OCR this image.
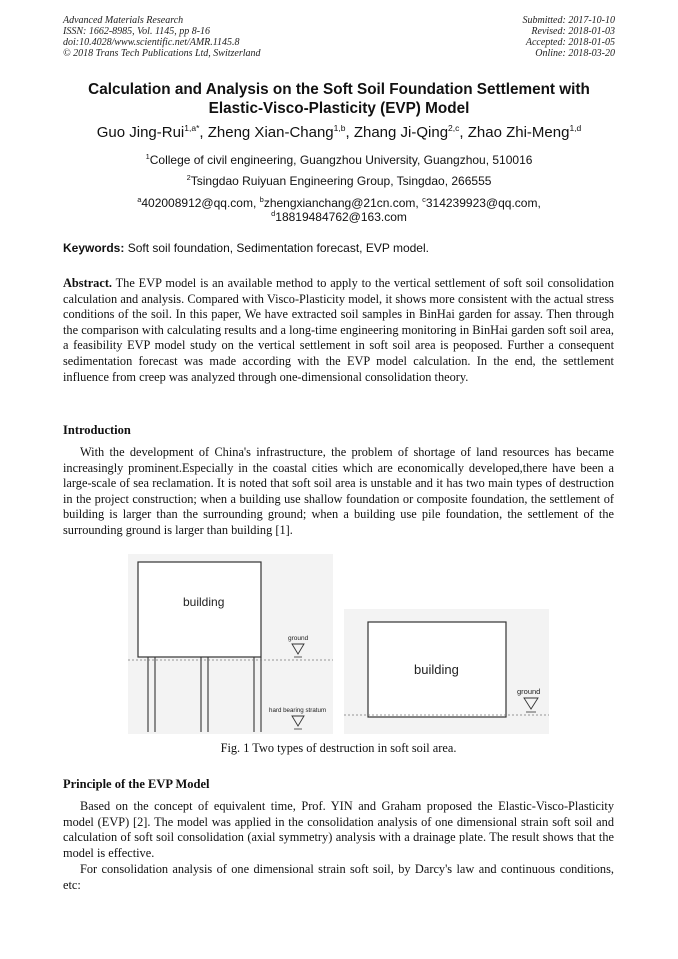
Advanced Materials Research
ISSN: 1662-8985, Vol. 1145, pp 8-16
doi:10.4028/www.scientific.net/AMR.1145.8
© 2018 Trans Tech Publications Ltd, Switzerland
Submitted: 2017-10-10
Revised: 2018-01-03
Accepted: 2018-01-05
Online: 2018-03-20
Calculation and Analysis on the Soft Soil Foundation Settlement with
Elastic-Visco-Plasticity (EVP) Model
Guo Jing-Rui$^{1,a*}$, Zheng Xian-Chang$^{1,b}$, Zhang Ji-Qing$^{2,c}$, Zhao Zhi-Meng$^{1,d}$
$^1$College of civil engineering, Guangzhou University, Guangzhou, 510016
$^2$Tsingdao Ruiyuan Engineering Group, Tsingdao, 266555
$^a$402008912@qq.com, $^b$zhengxianchang@21cn.com, $^c$314239923@qq.com,
$^d$18819484762@163.com
Keywords: Soft soil foundation, Sedimentation forecast, EVP model.

Abstract. The EVP model is an available method to apply to the vertical settlement of soft soil consolidation calculation and analysis. Compared with Visco-Plasticity model, it shows more consistent with the actual stress conditions of the soil. In this paper, We have extracted soil samples in BinHai garden for assay. Then through the comparison with calculating results and a long-time engineering monitoring in BinHai garden soft soil area, a feasibility EVP model study on the vertical settlement in soft soil area is peoposed. Further a consequent sedimentation forecast was made according with the EVP model calculation. In the end, the settlement influence from creep was analyzed through one-dimensional consolidation theory.

Introduction

With the development of China's infrastructure, the problem of shortage of land resources has became increasingly prominent.Especially in the coastal cities which are economically developed,there have been a large-scale of sea reclamation. It is noted that soft soil area is unstable and it has two main types of destruction in the project construction; when a building use shallow foundation or composite foundation, the settlement of building is larger than the surrounding ground; when a building use pile foundation, the settlement of the surrounding ground is larger than building [1].

building
ground
hard bearing stratum
building
ground
Fig. 1 Two types of destruction in soft soil area.
Principle of the EVP Model

Based on the concept of equivalent time, Prof. YIN and Graham proposed the Elastic-Visco-Plasticity model (EVP) [2]. The model was applied in the consolidation analysis of one dimensional strain soft soil and calculation of soft soil consolidation (axial symmetry) analysis with a drainage plate. The result shows that the model is effective.

For consolidation analysis of one dimensional strain soft soil, by Darcy's law and continuous conditions, etc:
